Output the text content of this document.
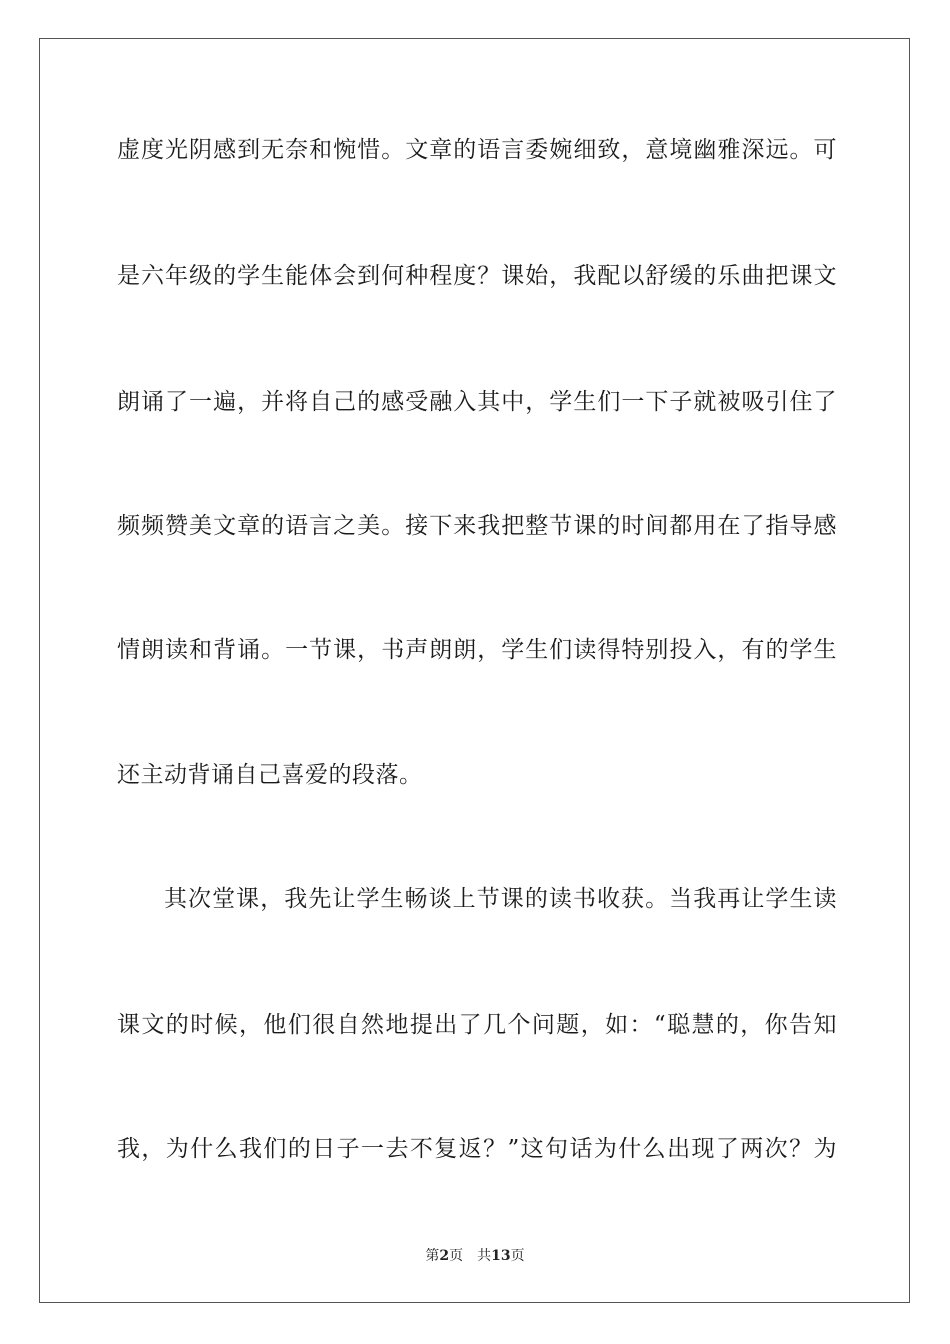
虚度光阴感到无奈和惋惜。文章的语言委婉细致，意境幽雅深远。可
是六年级的学生能体会到何种程度？课始，我配以舒缓的乐曲把课文
朗诵了一遍，并将自己的感受融入其中，学生们一下子就被吸引住了
频频赞美文章的语言之美。接下来我把整节课的时间都用在了指导感
情朗读和背诵。一节课，书声朗朗，学生们读得特别投入，有的学生
还主动背诵自己喜爱的段落。
其次堂课，我先让学生畅谈上节课的读书收获。当我再让学生读
课文的时候，他们很自然地提出了几个问题，如：“聪慧的，你告知
我，为什么我们的日子一去不复返？”这句话为什么出现了两次？为
第2页 共13页
